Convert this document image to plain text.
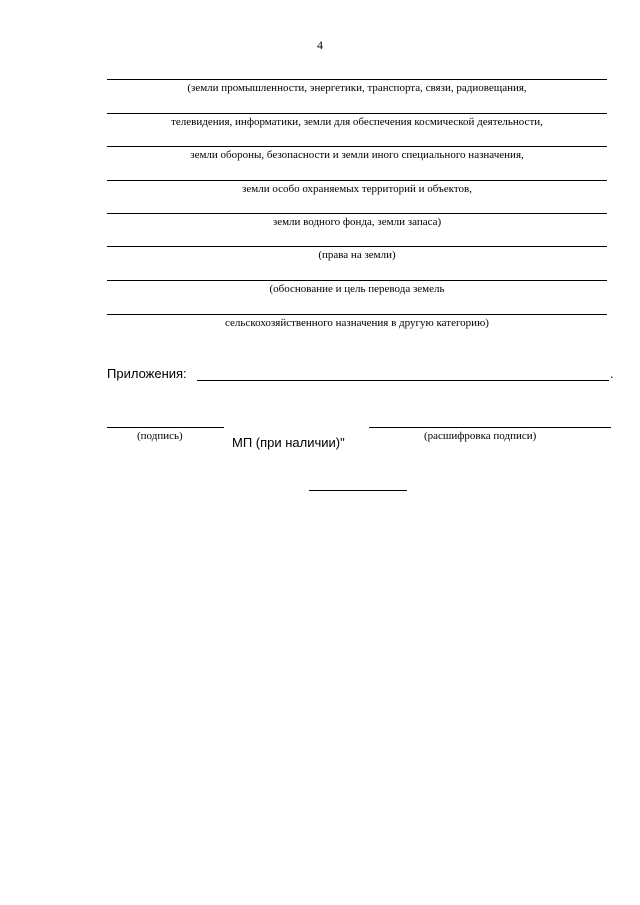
4
(земли промышленности, энергетики, транспорта, связи, радиовещания,
телевидения, информатики, земли для обеспечения космической деятельности,
земли обороны, безопасности и земли иного специального назначения,
земли особо охраняемых территорий и объектов,
земли водного фонда, земли запаса)
(права на земли)
(обоснование и цель перевода земель
сельскохозяйственного назначения в другую категорию)
Приложения:	.
(подпись)	МП (при наличии)"	(расшифровка подписи)
